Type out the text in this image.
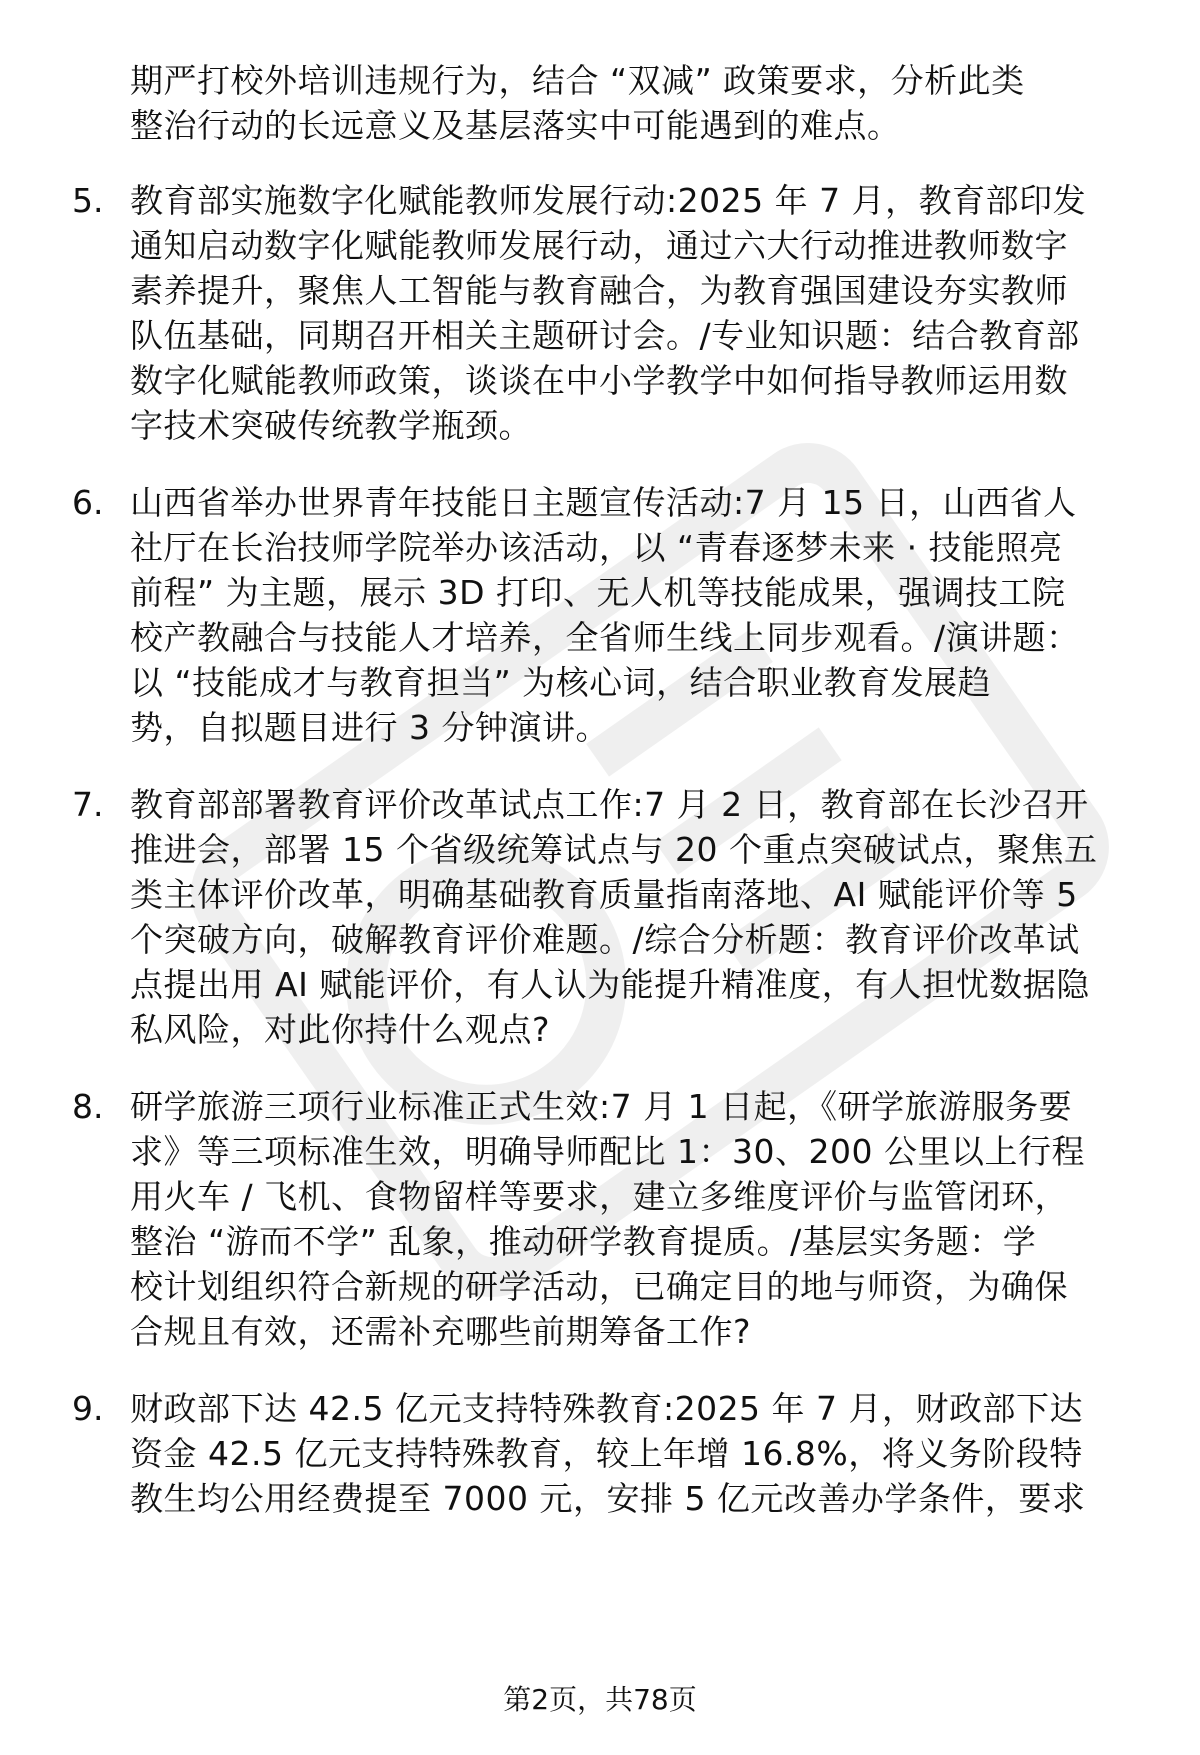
期严打校外培训违规行为，结合 “双减” 政策要求，分析此类
整治行动的长远意义及基层落实中可能遇到的难点。
5. 教育部实施数字化赋能教师发展行动:2025 年 7 月，教育部印发
通知启动数字化赋能教师发展行动，通过六大行动推进教师数字
素养提升，聚焦人工智能与教育融合，为教育强国建设夯实教师
队伍基础，同期召开相关主题研讨会。/专业知识题：结合教育部
数字化赋能教师政策，谈谈在中小学教学中如何指导教师运用数
字技术突破传统教学瓶颈。
6. 山西省举办世界青年技能日主题宣传活动:7 月 15 日，山西省人
社厅在长治技师学院举办该活动，以 “青春逐梦未来 · 技能照亮
前程” 为主题，展示 3D 打印、无人机等技能成果，强调技工院
校产教融合与技能人才培养，全省师生线上同步观看。/演讲题：
以 “技能成才与教育担当” 为核心词，结合职业教育发展趋
势，自拟题目进行 3 分钟演讲。
7. 教育部部署教育评价改革试点工作:7 月 2 日，教育部在长沙召开
推进会，部署 15 个省级统筹试点与 20 个重点突破试点，聚焦五
类主体评价改革，明确基础教育质量指南落地、AI 赋能评价等 5
个突破方向，破解教育评价难题。/综合分析题：教育评价改革试
点提出用 AI 赋能评价，有人认为能提升精准度，有人担忧数据隐
私风险，对此你持什么观点?
8. 研学旅游三项行业标准正式生效:7 月 1 日起，《研学旅游服务要
求》等三项标准生效，明确导师配比 1：30、200 公里以上行程
用火车 / 飞机、食物留样等要求，建立多维度评价与监管闭环，
整治 “游而不学” 乱象，推动研学教育提质。/基层实务题：学
校计划组织符合新规的研学活动，已确定目的地与师资，为确保
合规且有效，还需补充哪些前期筹备工作?
9. 财政部下达 42.5 亿元支持特殊教育:2025 年 7 月，财政部下达
资金 42.5 亿元支持特殊教育，较上年增 16.8%，将义务阶段特
教生均公用经费提至 7000 元，安排 5 亿元改善办学条件，要求
第2页，共78页
